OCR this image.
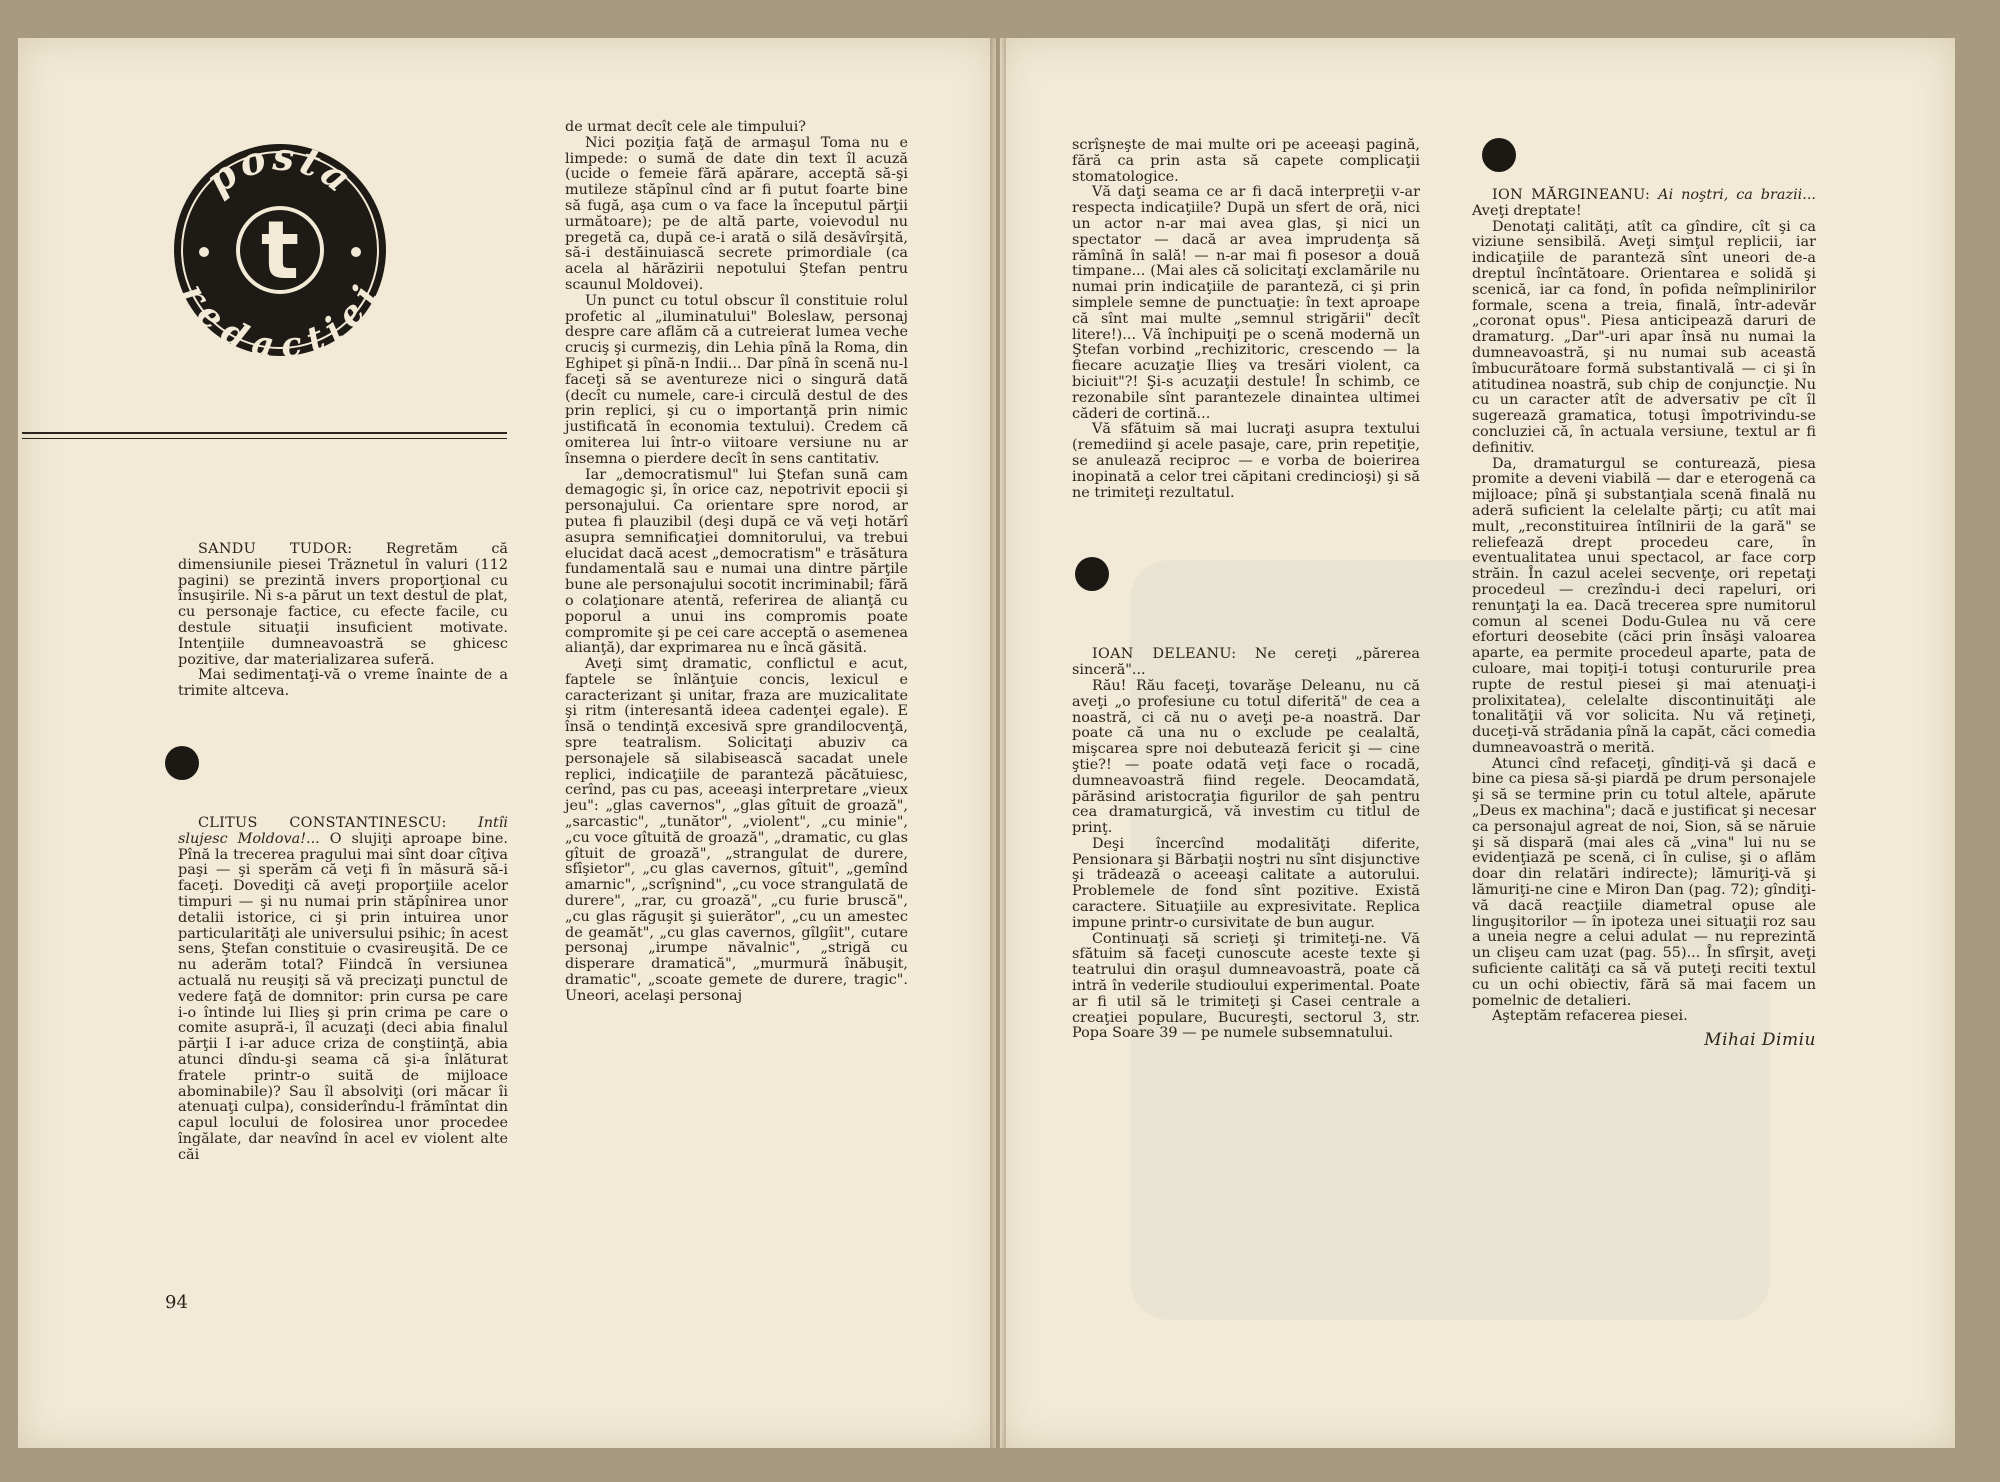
posta
redacţiei
t

SANDU TUDOR: Regretăm că dimensiunile piesei Trăznetul în valuri (112 pagini) se prezintă invers proporţional cu însuşirile. Ni s-a părut un text destul de plat, cu personaje factice, cu efecte facile, cu destule situaţii insuficient motivate. Intenţiile dumneavoastră se ghicesc pozitive, dar materializarea suferă.

Mai sedimentaţi-vă o vreme înainte de a trimite altceva.

CLITUS CONSTANTINESCU: Intîi slujesc Moldova!... O slujiţi aproape bine. Pînă la trecerea pragului mai sînt doar cîţiva paşi — şi sperăm că veţi fi în măsură să-i faceţi. Dovediţi că aveţi proporţiile acelor timpuri — şi nu numai prin stăpînirea unor detalii istorice, ci şi prin intuirea unor particularităţi ale universului psihic; în acest sens, Ştefan constituie o cvasireuşită. De ce nu aderăm total? Fiindcă în versiunea actuală nu reuşiţi să vă precizaţi punctul de vedere faţă de domnitor: prin cursa pe care i-o întinde lui Ilieş şi prin crima pe care o comite asupră-i, îl acuzaţi (deci abia finalul părţii I i-ar aduce criza de conştiinţă, abia atunci dîndu-şi seama că şi-a înlăturat fratele printr-o suită de mijloace abominabile)? Sau îl absolviţi (ori măcar îi atenuaţi culpa), considerîndu-l frămîntat din capul locului de folosirea unor procedee îngălate, dar neavînd în acel ev violent alte căi

de urmat decît cele ale timpului?

Nici poziţia faţă de armaşul Toma nu e limpede: o sumă de date din text îl acuză (ucide o femeie fără apărare, acceptă să-şi mutileze stăpînul cînd ar fi putut foarte bine să fugă, aşa cum o va face la începutul părţii următoare); pe de altă parte, voievodul nu pregetă ca, după ce-i arată o silă desăvîrşită, să-i destăinuiască secrete primordiale (ca acela al hărăzirii nepotului Ştefan pentru scaunul Moldovei).

Un punct cu totul obscur îl constituie rolul profetic al „iluminatului" Boleslaw, personaj despre care aflăm că a cutreierat lumea veche cruciş şi curmeziş, din Lehia pînă la Roma, din Eghipet şi pînă-n Indii... Dar pînă în scenă nu-l faceţi să se aventureze nici o singură dată (decît cu numele, care-i circulă destul de des prin replici, şi cu o importanţă prin nimic justificată în economia textului). Credem că omiterea lui într-o viitoare versiune nu ar însemna o pierdere decît în sens cantitativ.

Iar „democratismul" lui Ştefan sună cam demagogic şi, în orice caz, nepotrivit epocii şi personajului. Ca orientare spre norod, ar putea fi plauzibil (deşi după ce vă veţi hotărî asupra semnificaţiei domnitorului, va trebui elucidat dacă acest „democratism" e trăsătura fundamentală sau e numai una dintre părţile bune ale personajului socotit incriminabil; fără o colaţionare atentă, referirea de alianţă cu poporul a unui ins compromis poate compromite şi pe cei care acceptă o asemenea alianţă), dar exprimarea nu e încă găsită.

Aveţi simţ dramatic, conflictul e acut, faptele se înlănţuie concis, lexicul e caracterizant şi unitar, fraza are muzicalitate şi ritm (interesantă ideea cadenţei egale). E însă o tendinţă excesivă spre grandilocvenţă, spre teatralism. Solicitaţi abuziv ca personajele să silabisească sacadat unele replici, indicaţiile de paranteză păcătuiesc, cerînd, pas cu pas, aceeaşi interpretare „vieux jeu": „glas cavernos", „glas gîtuit de groază", „sarcastic", „tunător", „violent", „cu minie", „cu voce gîtuită de groază", „dramatic, cu glas gîtuit de groază", „strangulat de durere, sfîşietor", „cu glas cavernos, gîtuit", „gemînd amarnic", „scrîşnind", „cu voce strangulată de durere", „rar, cu groază", „cu furie bruscă", „cu glas răguşit şi şuierător", „cu un amestec de geamăt", „cu glas cavernos, gîlgîit", cutare personaj „irumpe năvalnic", „strigă cu disperare dramatică", „murmură înăbuşit, dramatic", „scoate gemete de durere, tragic". Uneori, acelaşi personaj

94

scrîşneşte de mai multe ori pe aceeaşi pagină, fără ca prin asta să capete complicaţii stomatologice.

Vă daţi seama ce ar fi dacă interpreţii v-ar respecta indicaţiile? După un sfert de oră, nici un actor n-ar mai avea glas, şi nici un spectator — dacă ar avea imprudenţa să rămînă în sală! — n-ar mai fi posesor a două timpane... (Mai ales că solicitaţi exclamările nu numai prin indicaţiile de paranteză, ci şi prin simplele semne de punctuaţie: în text aproape că sînt mai multe „semnul strigării" decît litere!)... Vă închipuiţi pe o scenă modernă un Ştefan vorbind „rechizitoric, crescendo — la fiecare acuzaţie Ilieş va tresări violent, ca biciuit"?! Şi-s acuzaţii destule! În schimb, ce rezonabile sînt parantezele dinaintea ultimei căderi de cortină...

Vă sfătuim să mai lucraţi asupra textului (remediind şi acele pasaje, care, prin repetiţie, se anulează reciproc — e vorba de boierirea inopinată a celor trei căpitani credincioşi) şi să ne trimiteţi rezultatul.

IOAN DELEANU: Ne cereţi „părerea sinceră"...

Rău! Rău faceţi, tovarăşe Deleanu, nu că aveţi „o profesiune cu totul diferită" de cea a noastră, ci că nu o aveţi pe-a noastră. Dar poate că una nu o exclude pe cealaltă, mişcarea spre noi debutează fericit şi — cine ştie?! — poate odată veţi face o rocadă, dumneavoastră fiind regele. Deocamdată, părăsind aristocraţia figurilor de şah pentru cea dramaturgică, vă investim cu titlul de prinţ.

Deşi încercînd modalităţi diferite, Pensionara şi Bărbaţii noştri nu sînt disjunctive şi trădează o aceeaşi calitate a autorului. Problemele de fond sînt pozitive. Există caractere. Situaţiile au expresivitate. Replica impune printr-o cursivitate de bun augur.

Continuaţi să scrieţi şi trimiteţi-ne. Vă sfătuim să faceţi cunoscute aceste texte şi teatrului din oraşul dumneavoastră, poate că intră în vederile studioului experimental. Poate ar fi util să le trimiteţi şi Casei centrale a creaţiei populare, Bucureşti, sectorul 3, str. Popa Soare 39 — pe numele subsemnatului.

ION MĂRGINEANU: Ai noştri, ca brazii... Aveţi dreptate!

Denotaţi calităţi, atît ca gîndire, cît şi ca viziune sensibilă. Aveţi simţul replicii, iar indicaţiile de paranteză sînt uneori de-a dreptul încîntătoare. Orientarea e solidă şi scenică, iar ca fond, în pofida neîmplinirilor formale, scena a treia, finală, într-adevăr „coronat opus". Piesa anticipează daruri de dramaturg. „Dar"-uri apar însă nu numai la dumneavoastră, şi nu numai sub această îmbucurătoare formă substantivală — ci şi în atitudinea noastră, sub chip de conjuncţie. Nu cu un caracter atît de adversativ pe cît îl sugerează gramatica, totuşi împotrivindu-se concluziei că, în actuala versiune, textul ar fi definitiv.

Da, dramaturgul se conturează, piesa promite a deveni viabilă — dar e eterogenă ca mijloace; pînă şi substanţiala scenă finală nu aderă suficient la celelalte părţi; cu atît mai mult, „reconstituirea întîlnirii de la gară" se reliefează drept procedeu care, în eventualitatea unui spectacol, ar face corp străin. În cazul acelei secvenţe, ori repetaţi procedeul — crezîndu-i deci rapeluri, ori renunţaţi la ea. Dacă trecerea spre numitorul comun al scenei Dodu-Gulea nu vă cere eforturi deosebite (căci prin însăşi valoarea aparte, ea permite procedeul aparte, pata de culoare, mai topiţi-i totuşi contururile prea rupte de restul piesei şi mai atenuaţi-i prolixitatea), celelalte discontinuităţi ale tonalităţii vă vor solicita. Nu vă reţineţi, duceţi-vă strădania pînă la capăt, căci comedia dumneavoastră o merită.

Atunci cînd refaceţi, gîndiţi-vă şi dacă e bine ca piesa să-şi piardă pe drum personajele şi să se termine prin cu totul altele, apărute „Deus ex machina"; dacă e justificat şi necesar ca personajul agreat de noi, Sion, să se năruie şi să dispară (mai ales că „vina" lui nu se evidenţiază pe scenă, ci în culise, şi o aflăm doar din relatări indirecte); lămuriţi-vă şi lămuriţi-ne cine e Miron Dan (pag. 72); gîndiţi-vă dacă reacţiile diametral opuse ale linguşitorilor — în ipoteza unei situaţii roz sau a uneia negre a celui adulat — nu reprezintă un clişeu cam uzat (pag. 55)... În sfîrşit, aveţi suficiente calităţi ca să vă puteţi reciti textul cu un ochi obiectiv, fără să mai facem un pomelnic de detalieri.

Aşteptăm refacerea piesei.

Mihai Dimiu
